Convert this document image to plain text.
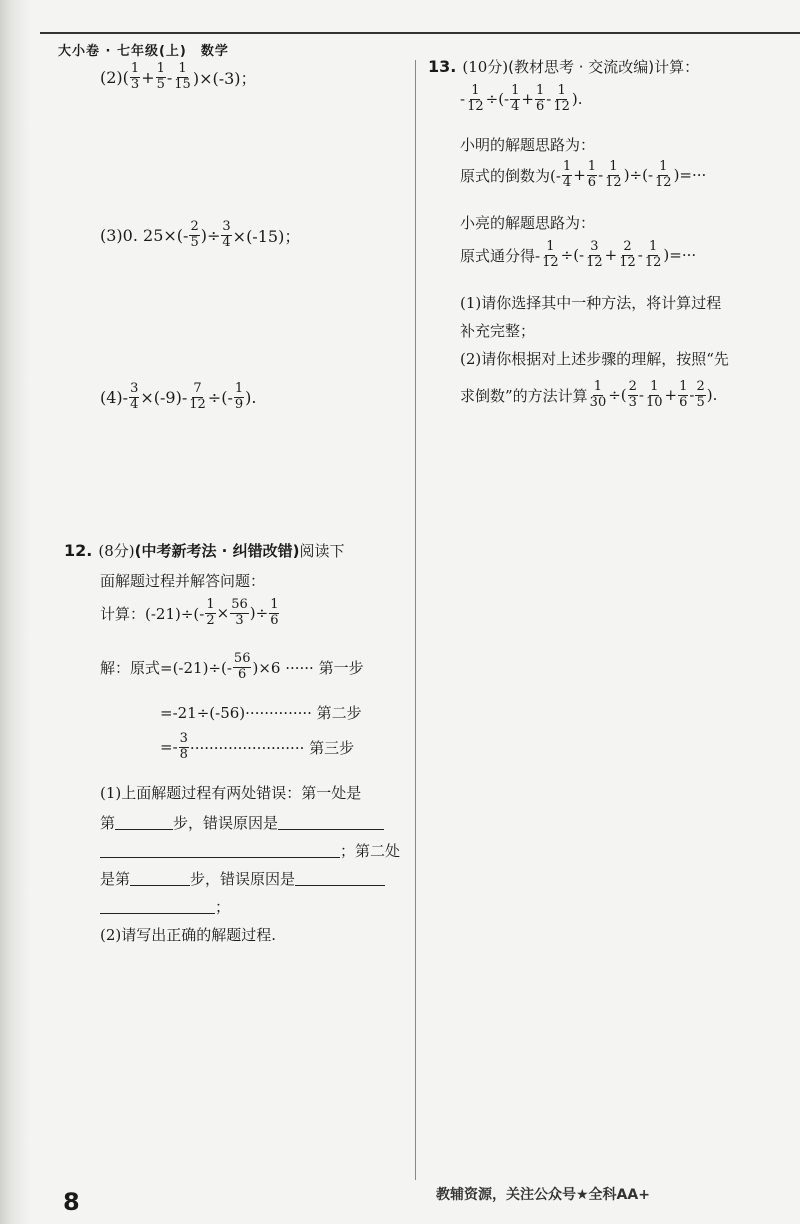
大小卷 · 七年级(上) 数学
$(2)( \frac{1}{3} + \frac{1}{5} - \frac{1}{15} )\times(-3)$；
(3)0. $25\times(- \frac{2}{5}$ )÷ $\frac{3}{4} \times(-15)$；
$(4)- \frac{3}{4} \times(-9)- \frac{7}{12}$ ÷(- $\frac{1}{9}$ ).
12. (8分) (中考新考法 · 纠错改错) 阅读下
面解题过程并解答问题：
计算：$(-21)\div(- \frac{1}{2} \times \frac{56}{3}$ )÷ $\frac{1}{6}$
解：原式$=(-21)\div(- \frac{56}{6} )\times 6$ ······ 第一步
=-21÷(-56)·············· 第二步
=- $\frac{3}{8}$ ························ 第三步
(1)上面解题过程有两处错误：第一处是
第	步，错误原因是
；第二处
是第	步，错误原因是
；
(2)请写出正确的解题过程.
13. (10分) (教材思考 · 交流改编) 计算：
- $\frac{1}{12}$ ÷(- $\frac{1}{4} + \frac{1}{6} - \frac{1}{12}$ ).
小明的解题思路为：
原式的倒数为(- $\frac{1}{4} + \frac{1}{6} - \frac{1}{12}$ )÷(- $\frac{1}{12}$ )=···
小亮的解题思路为：
原式通分得- $\frac{1}{12}$ ÷(- $\frac{3}{12} + \frac{2}{12} - \frac{1}{12}$ )=···
(1)请你选择其中一种方法，将计算过程
补充完整；
(2)请你根据对上述步骤的理解，按照“先
求倒数”的方法计算 $\frac{1}{30}$ ÷( $\frac{2}{3} - \frac{1}{10} + \frac{1}{6} - \frac{2}{5}$ ).
8	教辅资源，关注公众号★全科AA+
